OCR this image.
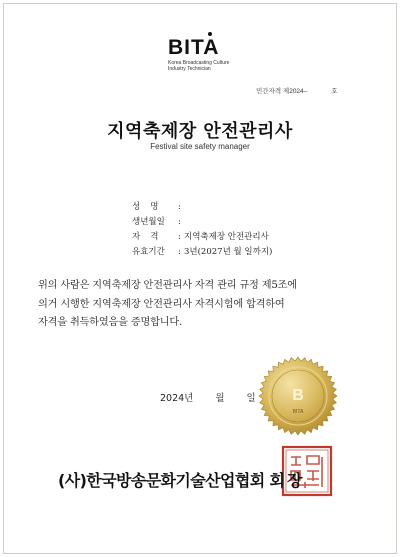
BITA
Korea Broadcasting Culture
Industry Technician
민간자격 제2024–	호
지역축제장 안전관리사
Festival site safety manager
성명 :
생년월일 :
자격 : 지역축제장 안전관리사
유효기간 : 3년(2027년 월 일까지)
위의 사람은 지역축제장 안전관리사 자격 관리 규정 제5조에
의거 시행한 지역축제장 안전관리사 자격시험에 합격하여
자격을 취득하였음을 증명합니다.
B
BITA
2024년 월 일
(사)한국방송문화기술산업협회 회장
